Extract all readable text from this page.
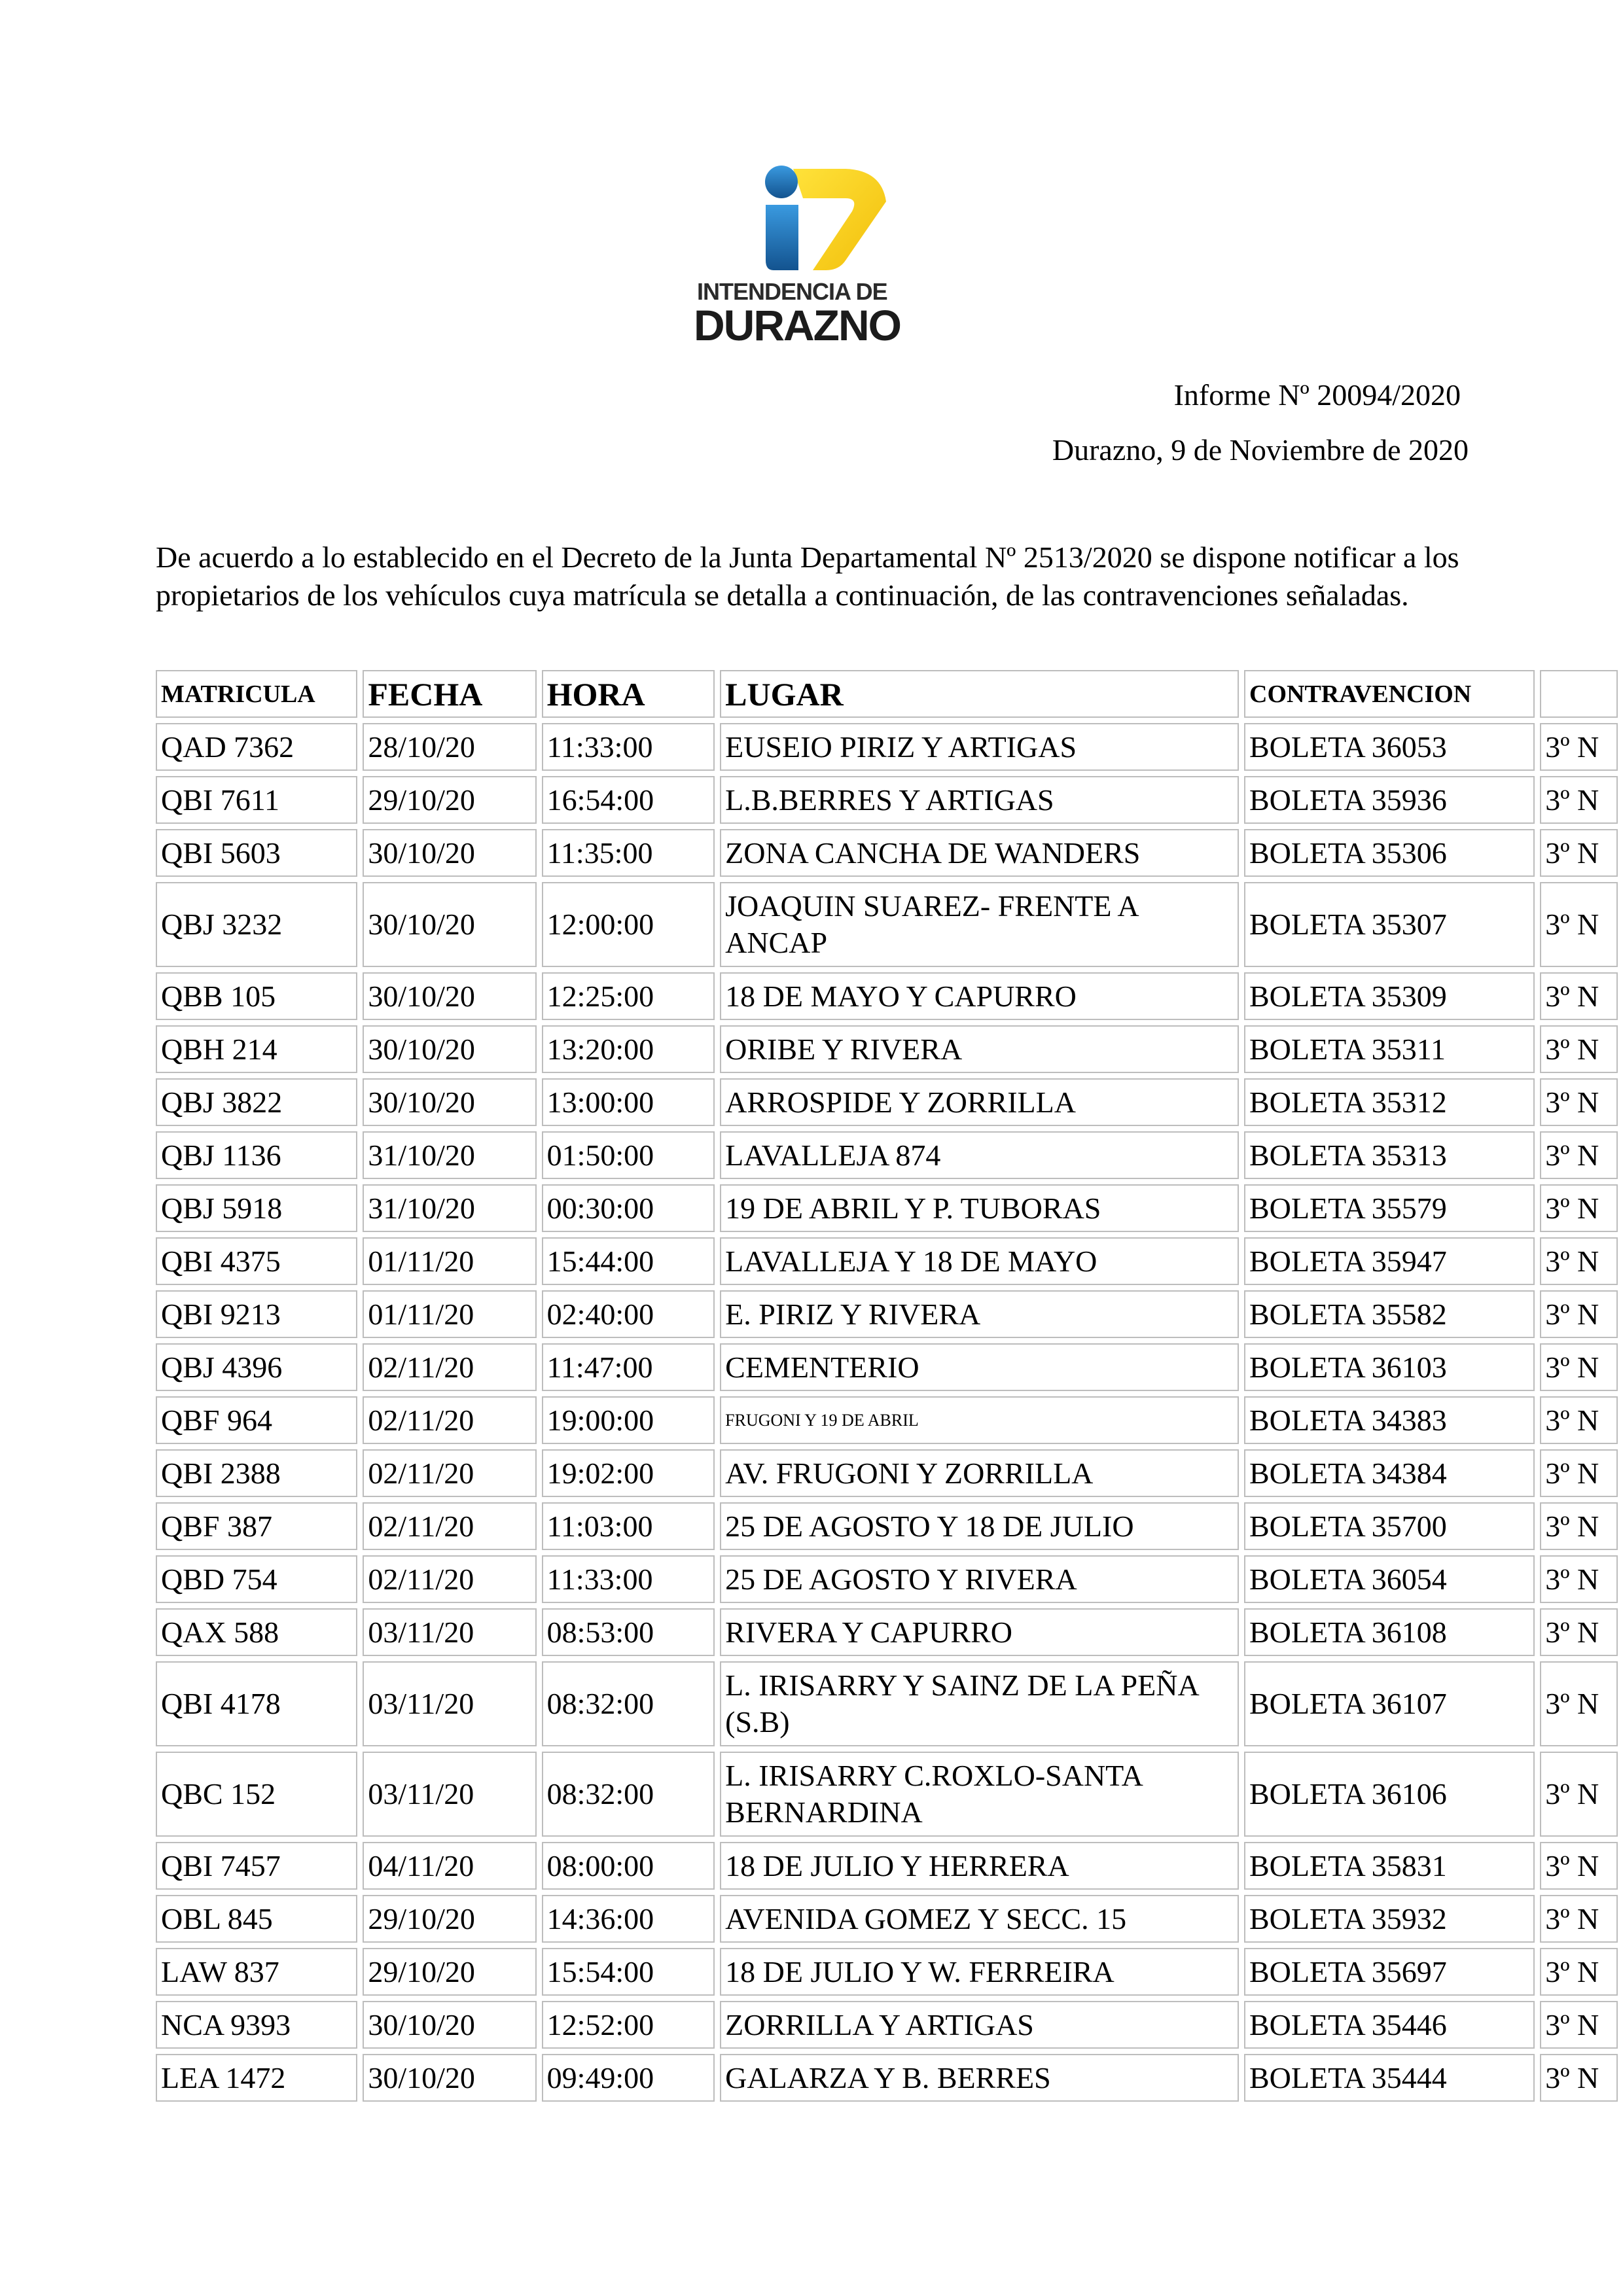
INTENDENCIA DE
DURAZNO
Informe Nº 20094/2020
Durazno, 9 de Noviembre de 2020
De acuerdo a lo establecido en el Decreto de la Junta Departamental Nº 2513/2020 se dispone notificar a los propietarios de los vehículos cuya matrícula se detalla a continuación, de las contravenciones señaladas.
MATRICULA	FECHA	HORA	LUGAR	CONTRAVENCION	
QAD 7362	28/10/20	11:33:00	EUSEIO PIRIZ Y ARTIGAS	BOLETA 36053	3º N
QBI 7611	29/10/20	16:54:00	L.B.BERRES Y ARTIGAS	BOLETA 35936	3º N
QBI 5603	30/10/20	11:35:00	ZONA CANCHA DE WANDERS	BOLETA 35306	3º N
QBJ 3232	30/10/20	12:00:00	JOAQUIN SUAREZ- FRENTE A ANCAP	BOLETA 35307	3º N
QBB 105	30/10/20	12:25:00	18 DE MAYO Y CAPURRO	BOLETA 35309	3º N
QBH 214	30/10/20	13:20:00	ORIBE Y RIVERA	BOLETA 35311	3º N
QBJ 3822	30/10/20	13:00:00	ARROSPIDE Y ZORRILLA	BOLETA 35312	3º N
QBJ 1136	31/10/20	01:50:00	LAVALLEJA 874	BOLETA 35313	3º N
QBJ 5918	31/10/20	00:30:00	19 DE ABRIL Y P. TUBORAS	BOLETA 35579	3º N
QBI 4375	01/11/20	15:44:00	LAVALLEJA Y 18 DE MAYO	BOLETA 35947	3º N
QBI 9213	01/11/20	02:40:00	E. PIRIZ Y RIVERA	BOLETA 35582	3º N
QBJ 4396	02/11/20	11:47:00	CEMENTERIO	BOLETA 36103	3º N
QBF 964	02/11/20	19:00:00	FRUGONI Y 19 DE ABRIL	BOLETA 34383	3º N
QBI 2388	02/11/20	19:02:00	AV. FRUGONI Y ZORRILLA	BOLETA 34384	3º N
QBF 387	02/11/20	11:03:00	25 DE AGOSTO Y 18 DE JULIO	BOLETA 35700	3º N
QBD 754	02/11/20	11:33:00	25 DE AGOSTO Y RIVERA	BOLETA 36054	3º N
QAX 588	03/11/20	08:53:00	RIVERA Y CAPURRO	BOLETA 36108	3º N
QBI 4178	03/11/20	08:32:00	L. IRISARRY Y SAINZ DE LA PEÑA (S.B)	BOLETA 36107	3º N
QBC 152	03/11/20	08:32:00	L. IRISARRY C.ROXLO-SANTA BERNARDINA	BOLETA 36106	3º N
QBI 7457	04/11/20	08:00:00	18 DE JULIO Y HERRERA	BOLETA 35831	3º N
OBL 845	29/10/20	14:36:00	AVENIDA GOMEZ Y SECC. 15	BOLETA 35932	3º N
LAW 837	29/10/20	15:54:00	18 DE JULIO Y W. FERREIRA	BOLETA 35697	3º N
NCA 9393	30/10/20	12:52:00	ZORRILLA Y ARTIGAS	BOLETA 35446	3º N
LEA 1472	30/10/20	09:49:00	GALARZA Y B. BERRES	BOLETA 35444	3º N
